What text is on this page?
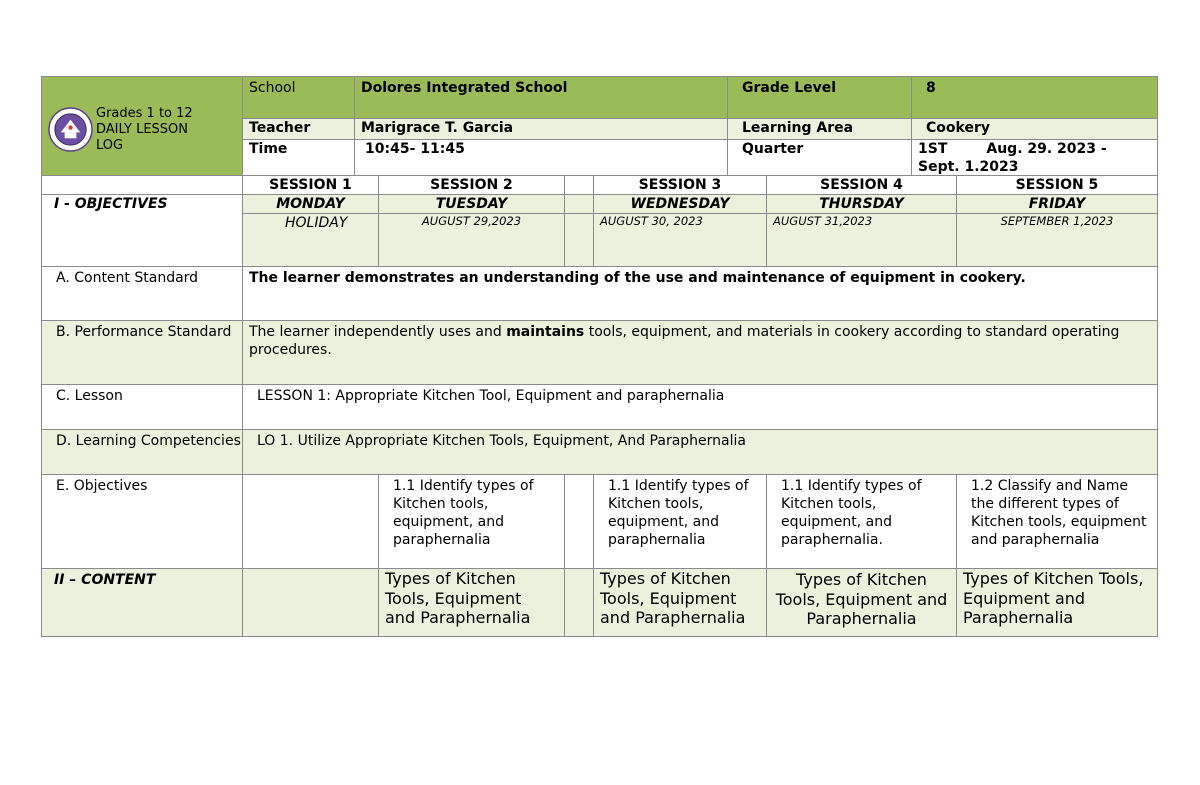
Grades 1 to 12
DAILY LESSON
LOG	School	Dolores Integrated School	Grade Level	8
	Teacher	Marigrace T. Garcia	Learning Area	Cookery
	Time	10:45- 11:45	Quarter	1ST        Aug. 29. 2023 -
Sept. 1.2023
	SESSION 1	SESSION 2		SESSION 3	SESSION 4	SESSION 5
I - OBJECTIVES	MONDAY	TUESDAY		WEDNESDAY	THURSDAY	FRIDAY
	HOLIDAY	AUGUST 29,2023		AUGUST 30, 2023	AUGUST 31,2023	SEPTEMBER 1,2023
A. Content Standard	The learner demonstrates an understanding of the use and maintenance of equipment in cookery.					
B. Performance Standard	The learner independently uses and maintains tools, equipment, and materials in cookery according to standard operating procedures.					
C. Lesson	LESSON 1: Appropriate Kitchen Tool, Equipment and paraphernalia					
D. Learning Competencies	LO 1. Utilize Appropriate Kitchen Tools, Equipment, And Paraphernalia					
E. Objectives		1.1 Identify types of Kitchen tools, equipment, and paraphernalia		1.1 Identify types of Kitchen tools, equipment, and paraphernalia	1.1 Identify types of Kitchen tools, equipment, and paraphernalia.	1.2 Classify and Name the different types of Kitchen tools, equipment and paraphernalia
II – CONTENT		Types of Kitchen Tools, Equipment and Paraphernalia		Types of Kitchen Tools, Equipment and Paraphernalia	Types of Kitchen Tools, Equipment and Paraphernalia	Types of Kitchen Tools, Equipment and Paraphernalia
